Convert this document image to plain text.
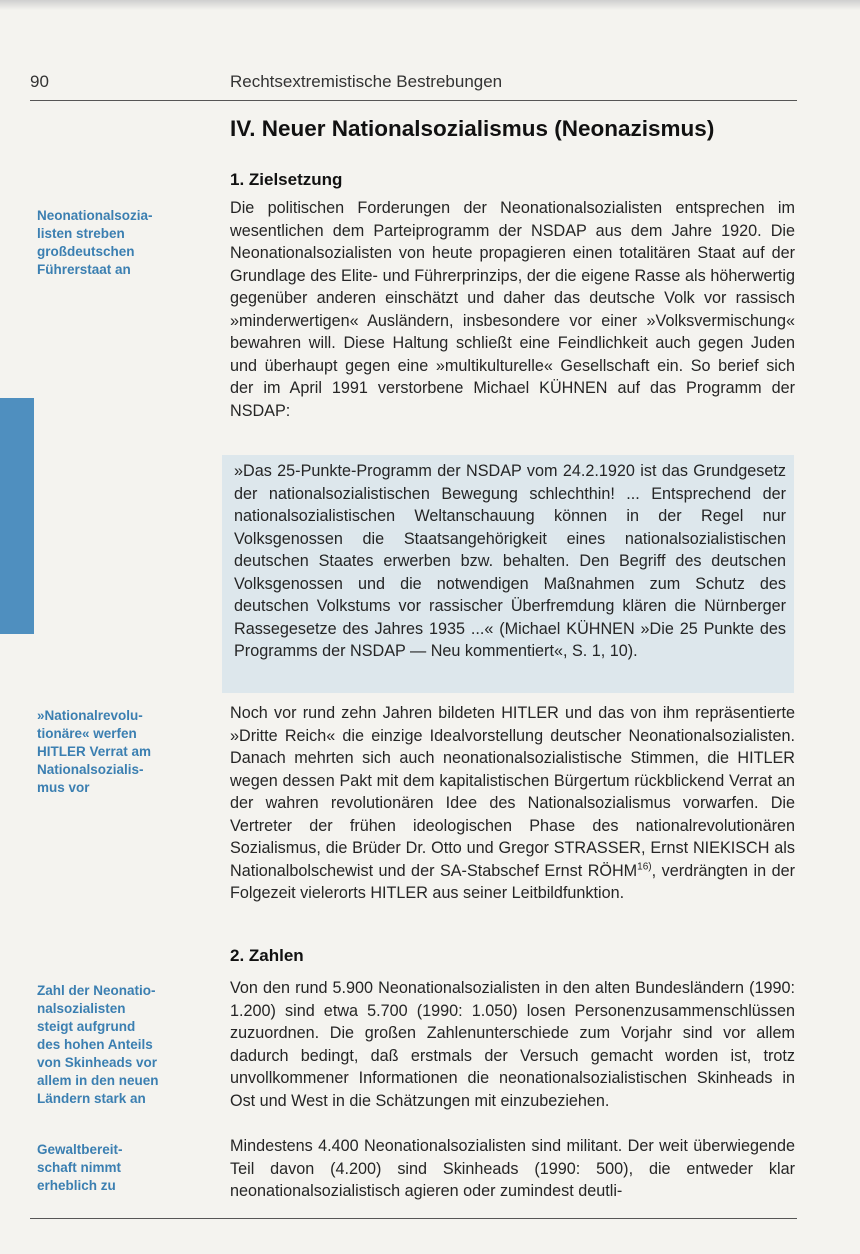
90	Rechtsextremistische Bestrebungen
IV. Neuer Nationalsozialismus (Neonazismus)
1. Zielsetzung
Neonationalsozia-
listen streben
großdeutschen
Führerstaat an
Die politischen Forderungen der Neonationalsozialisten entsprechen im wesentlichen dem Parteiprogramm der NSDAP aus dem Jahre 1920. Die Neonationalsozialisten von heute propagieren einen totalitären Staat auf der Grundlage des Elite- und Führerprinzips, der die eigene Rasse als höherwertig gegenüber anderen einschätzt und daher das deutsche Volk vor rassisch »minderwertigen« Ausländern, insbesondere vor einer »Volksvermischung« bewahren will. Diese Haltung schließt eine Feindlichkeit auch gegen Juden und überhaupt gegen eine »multikulturelle« Gesellschaft ein. So berief sich der im April 1991 verstorbene Michael KÜHNEN auf das Programm der NSDAP:

»Das 25-Punkte-Programm der NSDAP vom 24.2.1920 ist das Grundgesetz der nationalsozialistischen Bewegung schlechthin! ... Entsprechend der nationalsozialistischen Weltanschauung können in der Regel nur Volksgenossen die Staatsangehörigkeit eines nationalsozialistischen deutschen Staates erwerben bzw. behalten. Den Begriff des deutschen Volksgenossen und die notwendigen Maßnahmen zum Schutz des deutschen Volkstums vor rassischer Überfremdung klären die Nürnberger Rassegesetze des Jahres 1935 ...« (Michael KÜHNEN »Die 25 Punkte des Programms der NSDAP — Neu kommentiert«, S. 1, 10).

»Nationalrevolu-
tionäre« werfen
HITLER Verrat am
Nationalsozialis-
mus vor
Noch vor rund zehn Jahren bildeten HITLER und das von ihm repräsentierte »Dritte Reich« die einzige Idealvorstellung deutscher Neonationalsozialisten. Danach mehrten sich auch neonationalsozialistische Stimmen, die HITLER wegen dessen Pakt mit dem kapitalistischen Bürgertum rückblickend Verrat an der wahren revolutionären Idee des Nationalsozialismus vorwarfen. Die Vertreter der frühen ideologischen Phase des nationalrevolutionären Sozialismus, die Brüder Dr. Otto und Gregor STRASSER, Ernst NIEKISCH als Nationalbolschewist und der SA-Stabschef Ernst RÖHM$^{16)}$, verdrängten in der Folgezeit vielerorts HITLER aus seiner Leitbildfunktion.
2. Zahlen
Zahl der Neonatio-
nalsozialisten
steigt aufgrund
des hohen Anteils
von Skinheads vor
allem in den neuen
Ländern stark an
Von den rund 5.900 Neonationalsozialisten in den alten Bundesländern (1990: 1.200) sind etwa 5.700 (1990: 1.050) losen Personenzusammenschlüssen zuzuordnen. Die großen Zahlenunterschiede zum Vorjahr sind vor allem dadurch bedingt, daß erstmals der Versuch gemacht worden ist, trotz unvollkommener Informationen die neonationalsozialistischen Skinheads in Ost und West in die Schätzungen mit einzubeziehen.
Gewaltbereit-
schaft nimmt
erheblich zu
Mindestens 4.400 Neonationalsozialisten sind militant. Der weit überwiegende Teil davon (4.200) sind Skinheads (1990: 500), die entweder klar neonationalsozialistisch agieren oder zumindest deutli-
